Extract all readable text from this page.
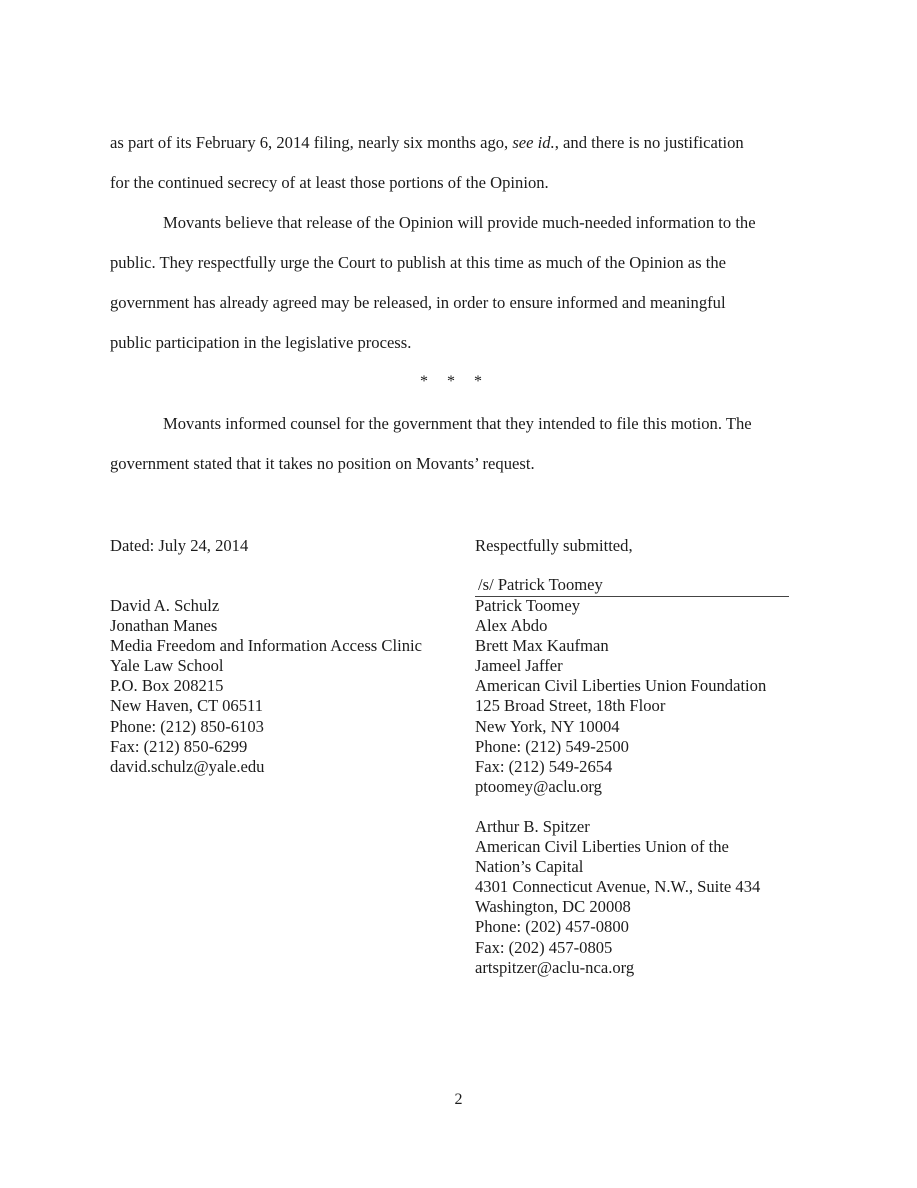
as part of its February 6, 2014 filing, nearly six months ago, see id., and there is no justification
for the continued secrecy of at least those portions of the Opinion.
Movants believe that release of the Opinion will provide much-needed information to the
public. They respectfully urge the Court to publish at this time as much of the Opinion as the
government has already agreed may be released, in order to ensure informed and meaningful
public participation in the legislative process.
* * *
Movants informed counsel for the government that they intended to file this motion. The
government stated that it takes no position on Movants’ request.
Dated: July 24, 2014	Respectfully submitted,
/s/ Patrick Toomey
David A. Schulz
Jonathan Manes
Media Freedom and Information Access Clinic
Yale Law School
P.O. Box 208215
New Haven, CT 06511
Phone: (212) 850-6103
Fax: (212) 850-6299
david.schulz@yale.edu
Patrick Toomey
Alex Abdo
Brett Max Kaufman
Jameel Jaffer
American Civil Liberties Union Foundation
125 Broad Street, 18th Floor
New York, NY 10004
Phone: (212) 549-2500
Fax: (212) 549-2654
ptoomey@aclu.org
Arthur B. Spitzer
American Civil Liberties Union of the
Nation’s Capital
4301 Connecticut Avenue, N.W., Suite 434
Washington, DC 20008
Phone: (202) 457-0800
Fax: (202) 457-0805
artspitzer@aclu-nca.org
2
